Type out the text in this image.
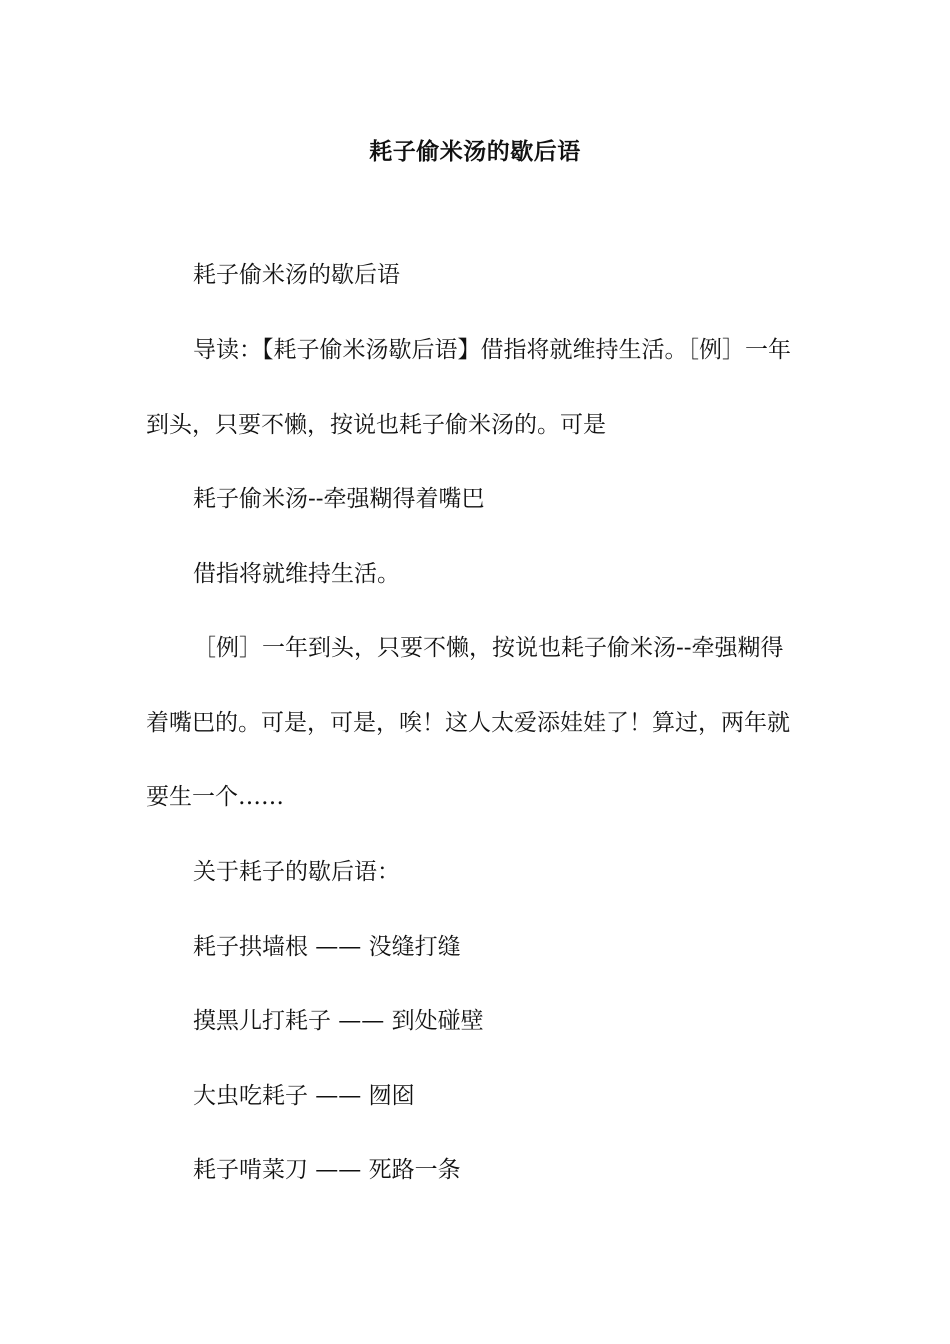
耗子偷米汤的歇后语
耗子偷米汤的歇后语

导读：【耗子偷米汤歇后语】借指将就维持生活。［例］一年到头，只要不懒，按说也耗子偷米汤的。可是

耗子偷米汤--牵强糊得着嘴巴
借指将就维持生活。

［例］一年到头，只要不懒，按说也耗子偷米汤--牵强糊得着嘴巴的。可是，可是，唉！这人太爱添娃娃了！算过，两年就要生一个……

关于耗子的歇后语：
耗子拱墙根 —— 没缝打缝
摸黑儿打耗子 —— 到处碰壁
大虫吃耗子 —— 囫囵
耗子啃菜刀 —— 死路一条
